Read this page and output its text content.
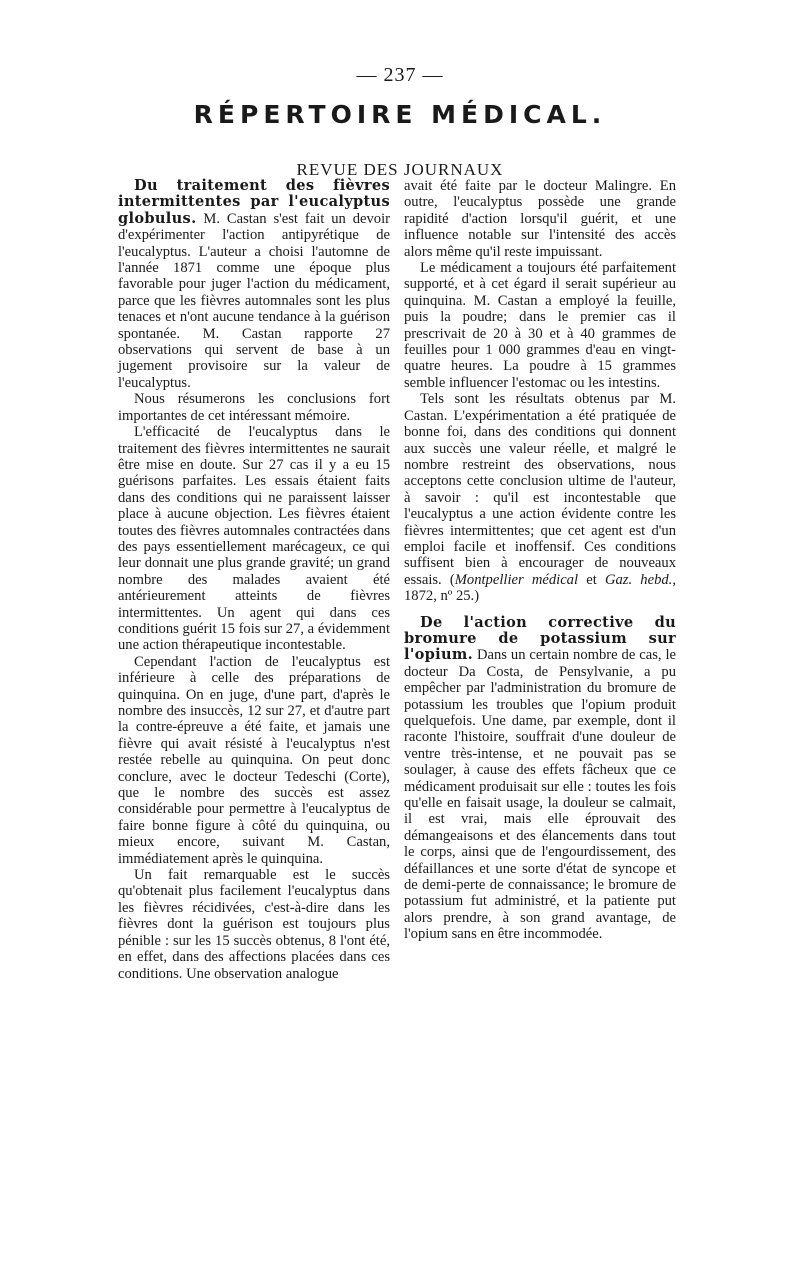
— 237 —
RÉPERTOIRE MÉDICAL.
REVUE DES JOURNAUX

Du traitement des fièvres intermittentes par l'eucalyptus globulus. M. Castan s'est fait un devoir d'expérimenter l'action antipyrétique de l'eucalyptus. L'auteur a choisi l'automne de l'année 1871 comme une époque plus favorable pour juger l'action du médicament, parce que les fièvres automnales sont les plus tenaces et n'ont aucune tendance à la guérison spontanée. M. Castan rapporte 27 observations qui servent de base à un jugement provisoire sur la valeur de l'eucalyptus.

Nous résumerons les conclusions fort importantes de cet intéressant mémoire.

L'efficacité de l'eucalyptus dans le traitement des fièvres intermittentes ne saurait être mise en doute. Sur 27 cas il y a eu 15 guérisons parfaites. Les essais étaient faits dans des conditions qui ne paraissent laisser place à aucune objection. Les fièvres étaient toutes des fièvres automnales contractées dans des pays essentiellement marécageux, ce qui leur donnait une plus grande gravité; un grand nombre des malades avaient été antérieurement atteints de fièvres intermittentes. Un agent qui dans ces conditions guérit 15 fois sur 27, a évidemment une action thérapeutique incontestable.

Cependant l'action de l'eucalyptus est inférieure à celle des préparations de quinquina. On en juge, d'une part, d'après le nombre des insuccès, 12 sur 27, et d'autre part la contre-épreuve a été faite, et jamais une fièvre qui avait résisté à l'eucalyptus n'est restée rebelle au quinquina. On peut donc conclure, avec le docteur Tedeschi (Corte), que le nombre des succès est assez considérable pour permettre à l'eucalyptus de faire bonne figure à côté du quinquina, ou mieux encore, suivant M. Castan, immédiatement après le quinquina.

Un fait remarquable est le succès qu'obtenait plus facilement l'eucalyptus dans les fièvres récidivées, c'est-à-dire dans les fièvres dont la guérison est toujours plus pénible : sur les 15 succès obtenus, 8 l'ont été, en effet, dans des affections placées dans ces conditions. Une observation analogue

avait été faite par le docteur Malingre. En outre, l'eucalyptus possède une grande rapidité d'action lorsqu'il guérit, et une influence notable sur l'intensité des accès alors même qu'il reste impuissant.

Le médicament a toujours été parfaitement supporté, et à cet égard il serait supérieur au quinquina. M. Castan a employé la feuille, puis la poudre; dans le premier cas il prescrivait de 20 à 30 et à 40 grammes de feuilles pour 1 000 grammes d'eau en vingt-quatre heures. La poudre à 15 grammes semble influencer l'estomac ou les intestins.

Tels sont les résultats obtenus par M. Castan. L'expérimentation a été pratiquée de bonne foi, dans des conditions qui donnent aux succès une valeur réelle, et malgré le nombre restreint des observations, nous acceptons cette conclusion ultime de l'auteur, à savoir : qu'il est incontestable que l'eucalyptus a une action évidente contre les fièvres intermittentes; que cet agent est d'un emploi facile et inoffensif. Ces conditions suffisent bien à encourager de nouveaux essais. (Montpellier médical et Gaz. hebd., 1872, nº 25.)

De l'action corrective du bromure de potassium sur l'opium. Dans un certain nombre de cas, le docteur Da Costa, de Pensylvanie, a pu empêcher par l'administration du bromure de potassium les troubles que l'opium produit quelquefois. Une dame, par exemple, dont il raconte l'histoire, souffrait d'une douleur de ventre très-intense, et ne pouvait pas se soulager, à cause des effets fâcheux que ce médicament produisait sur elle : toutes les fois qu'elle en faisait usage, la douleur se calmait, il est vrai, mais elle éprouvait des démangeaisons et des élancements dans tout le corps, ainsi que de l'engourdissement, des défaillances et une sorte d'état de syncope et de demi-perte de connaissance; le bromure de potassium fut administré, et la patiente put alors prendre, à son grand avantage, de l'opium sans en être incommodée.
